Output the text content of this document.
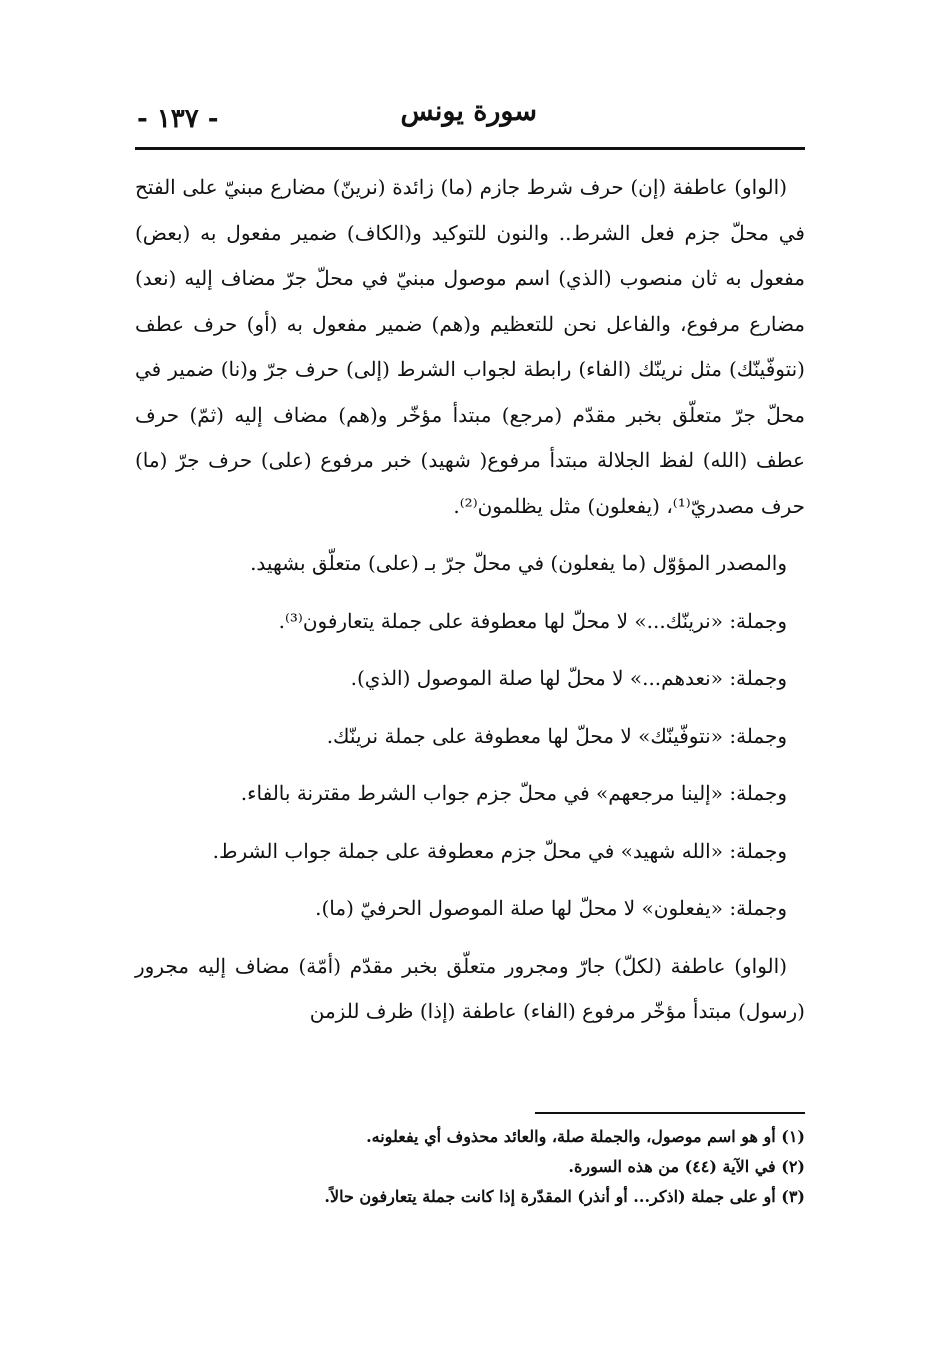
سورة يونس
- ١٣٧ -

(الواو) عاطفة (إن) حرف شرط جازم (ما) زائدة (نرينّ) مضارع مبنيّ على الفتح في محلّ جزم فعل الشرط.. والنون للتوكيد و(الكاف) ضمير مفعول به (بعض) مفعول به ثان منصوب (الذي) اسم موصول مبنيّ في محلّ جرّ مضاف إليه (نعد) مضارع مرفوع، والفاعل نحن للتعظيم و(هم) ضمير مفعول به (أو) حرف عطف (نتوفّينّك) مثل نرينّك (الفاء) رابطة لجواب الشرط (إلى) حرف جرّ و(نا) ضمير في محلّ جرّ متعلّق بخبر مقدّم (مرجع) مبتدأ مؤخّر و(هم) مضاف إليه (ثمّ) حرف عطف (الله) لفظ الجلالة مبتدأ مرفوع( شهيد) خبر مرفوع (على) حرف جرّ (ما) حرف مصدريّ⁽¹⁾، (يفعلون) مثل يظلمون⁽²⁾.

والمصدر المؤوّل (ما يفعلون) في محلّ جرّ بـ (على) متعلّق بشهيد.

وجملة: «نرينّك...» لا محلّ لها معطوفة على جملة يتعارفون⁽³⁾.

وجملة: «نعدهم...» لا محلّ لها صلة الموصول (الذي).

وجملة: «نتوفّينّك» لا محلّ لها معطوفة على جملة نرينّك.

وجملة: «إلينا مرجعهم» في محلّ جزم جواب الشرط مقترنة بالفاء.

وجملة: «الله شهيد» في محلّ جزم معطوفة على جملة جواب الشرط.

وجملة: «يفعلون» لا محلّ لها صلة الموصول الحرفيّ (ما).

(الواو) عاطفة (لكلّ) جارّ ومجرور متعلّق بخبر مقدّم (أمّة) مضاف إليه مجرور (رسول) مبتدأ مؤخّر مرفوع (الفاء) عاطفة (إذا) ظرف للزمن

(١) أو هو اسم موصول، والجملة صلة، والعائد محذوف أي يفعلونه.

(٢) في الآية (٤٤) من هذه السورة.

(٣) أو على جملة (اذكر... أو أنذر) المقدّرة إذا كانت جملة يتعارفون حالاً.
